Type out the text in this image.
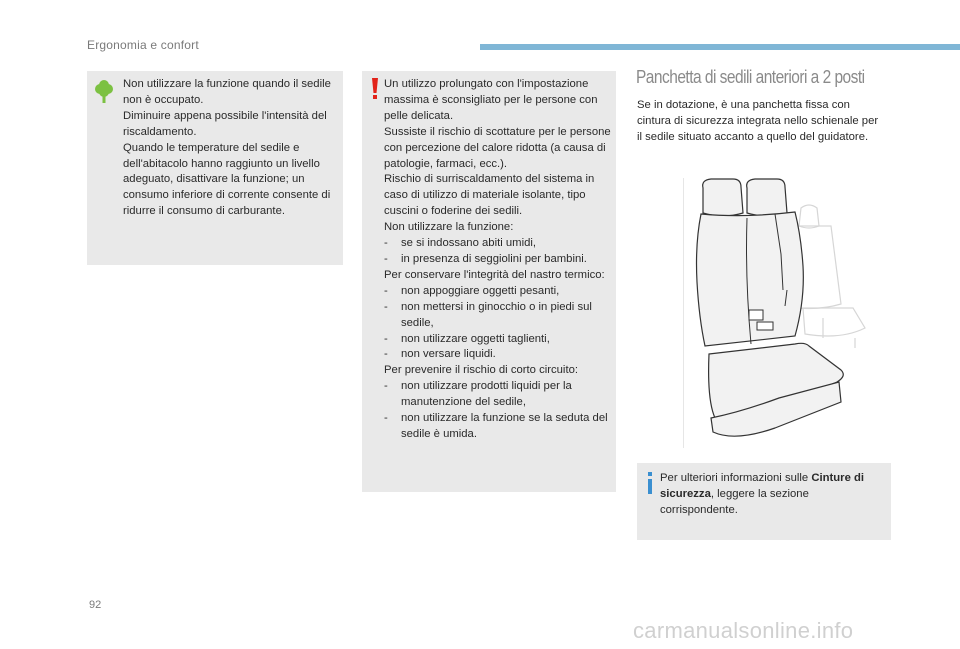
Ergonomia e confort
Non utilizzare la funzione quando il sedile non è occupato.
Diminuire appena possibile l'intensità del riscaldamento.
Quando le temperature del sedile e dell'abitacolo hanno raggiunto un livello adeguato, disattivare la funzione; un consumo inferiore di corrente consente di ridurre il consumo di carburante.
Un utilizzo prolungato con l'impostazione massima è sconsigliato per le persone con pelle delicata.
Sussiste il rischio di scottature per le persone con percezione del calore ridotta (a causa di patologie, farmaci, ecc.).
Rischio di surriscaldamento del sistema in caso di utilizzo di materiale isolante, tipo cuscini o foderine dei sedili.
Non utilizzare la funzione:
- se si indossano abiti umidi,
- in presenza di seggiolini per bambini.
Per conservare l'integrità del nastro termico:
- non appoggiare oggetti pesanti,
- non mettersi in ginocchio o in piedi sul sedile,
- non utilizzare oggetti taglienti,
- non versare liquidi.
Per prevenire il rischio di corto circuito:
- non utilizzare prodotti liquidi per la manutenzione del sedile,
- non utilizzare la funzione se la seduta del sedile è umida.
Panchetta di sedili anteriori a 2 posti
Se in dotazione, è una panchetta fissa con cintura di sicurezza integrata nello schienale per il sedile situato accanto a quello del guidatore.
Per ulteriori informazioni sulle Cinture di sicurezza, leggere la sezione corrispondente.
92
carmanualsonline.info
